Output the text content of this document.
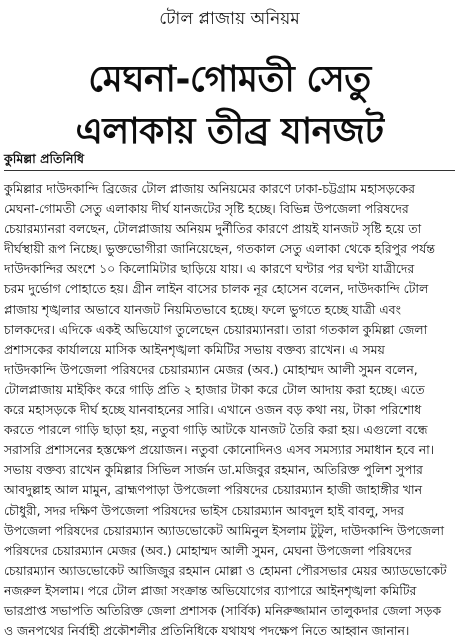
টোল প্লাজায় অনিয়ম
মেঘনা-গোমতী সেতু
এলাকায় তীব্র যানজট
কুমিল্লা প্রতিনিধি
কুমিল্লার দাউদকান্দি ব্রিজের টোল প্লাজায় অনিয়মের কারণে ঢাকা-চট্টগ্রাম মহাসড়কের
মেঘনা-গোমতী সেতু এলাকায় দীর্ঘ যানজটের সৃষ্টি হচ্ছে। বিভিন্ন উপজেলা পরিষদের
চেয়ারম্যানরা বলছেন, টোলপ্লাজায় অনিয়ম দুর্নীতির কারণে প্রায়ই যানজট সৃষ্টি হয়ে তা
দীর্ঘস্থায়ী রূপ নিচ্ছে। ভুক্তভোগীরা জানিয়েছেন, গতকাল সেতু এলাকা থেকে হরিপুর পর্যন্ত
দাউদকান্দির অংশে ১০ কিলোমিটার ছাড়িয়ে যায়। এ কারণে ঘণ্টার পর ঘণ্টা যাত্রীদের
চরম দুর্ভোগ পোহাতে হয়। গ্রীন লাইন বাসের চালক নূর হোসেন বলেন, দাউদকান্দি টোল
প্লাজায় শৃঙ্খলার অভাবে যানজট নিয়মিতভাবে হচ্ছে। ফলে ভুগতে হচ্ছে যাত্রী এবং
চালকদের। এদিকে একই অভিযোগ তুলেছেন চেয়ারম্যানরা। তারা গতকাল কুমিল্লা জেলা
প্রশাসকের কার্যালয়ে মাসিক আইনশৃঙ্খলা কমিটির সভায় বক্তব্য রাখেন। এ সময়
দাউদকান্দি উপজেলা পরিষদের চেয়ারম্যান মেজর (অব.) মোহাম্মদ আলী সুমন বলেন,
টোলপ্লাজায় মাইকিং করে গাড়ি প্রতি ২ হাজার টাকা করে টোল আদায় করা হচ্ছে। এতে
করে মহাসড়কে দীর্ঘ হচ্ছে যানবাহনের সারি। এখানে ওজন বড় কথা নয়, টাকা পরিশোধ
করতে পারলে গাড়ি ছাড়া হয়, নতুবা গাড়ি আটকে যানজট তৈরি করা হয়। এগুলো বন্ধে
সরাসরি প্রশাসনের হস্তক্ষেপ প্রয়োজন। নতুবা কোনোদিনও এসব সমস্যার সমাধান হবে না।
সভায় বক্তব্য রাখেন কুমিল্লার সিভিল সার্জন ডা.মজিবুর রহমান, অতিরিক্ত পুলিশ সুপার
আবদুল্লাহ আল মামুন, ব্রাহ্মণপাড়া উপজেলা পরিষদের চেয়ারম্যান হাজী জাহাঙ্গীর খান
চৌধুরী, সদর দক্ষিণ উপজেলা পরিষদের ভাইস চেয়ারম্যান আবদুল হাই বাবলু, সদর
উপজেলা পরিষদের চেয়ারম্যান অ্যাডভোকেট আমিনুল ইসলাম টুটুল, দাউদকান্দি উপজেলা
পরিষদের চেয়ারম্যান মেজর (অব.) মোহাম্মদ আলী সুমন, মেঘনা উপজেলা পরিষদের
চেয়ারম্যান অ্যাডভোকেট আজিজুর রহমান মোল্লা ও হোমনা পৌরসভার মেয়র অ্যাডভোকেট
নজরুল ইসলাম। পরে টোল প্লাজা সংক্রান্ত অভিযোগের ব্যাপারে আইনশৃঙ্খলা কমিটির
ভারপ্রাপ্ত সভাপতি অতিরিক্ত জেলা প্রশাসক (সার্বিক) মনিরুজ্জামান তালুকদার জেলা সড়ক
ও জনপথের নির্বাহী প্রকৌশলীর প্রতিনিধিকে যথাযথ পদক্ষেপ নিতে আহ্বান জানান।
